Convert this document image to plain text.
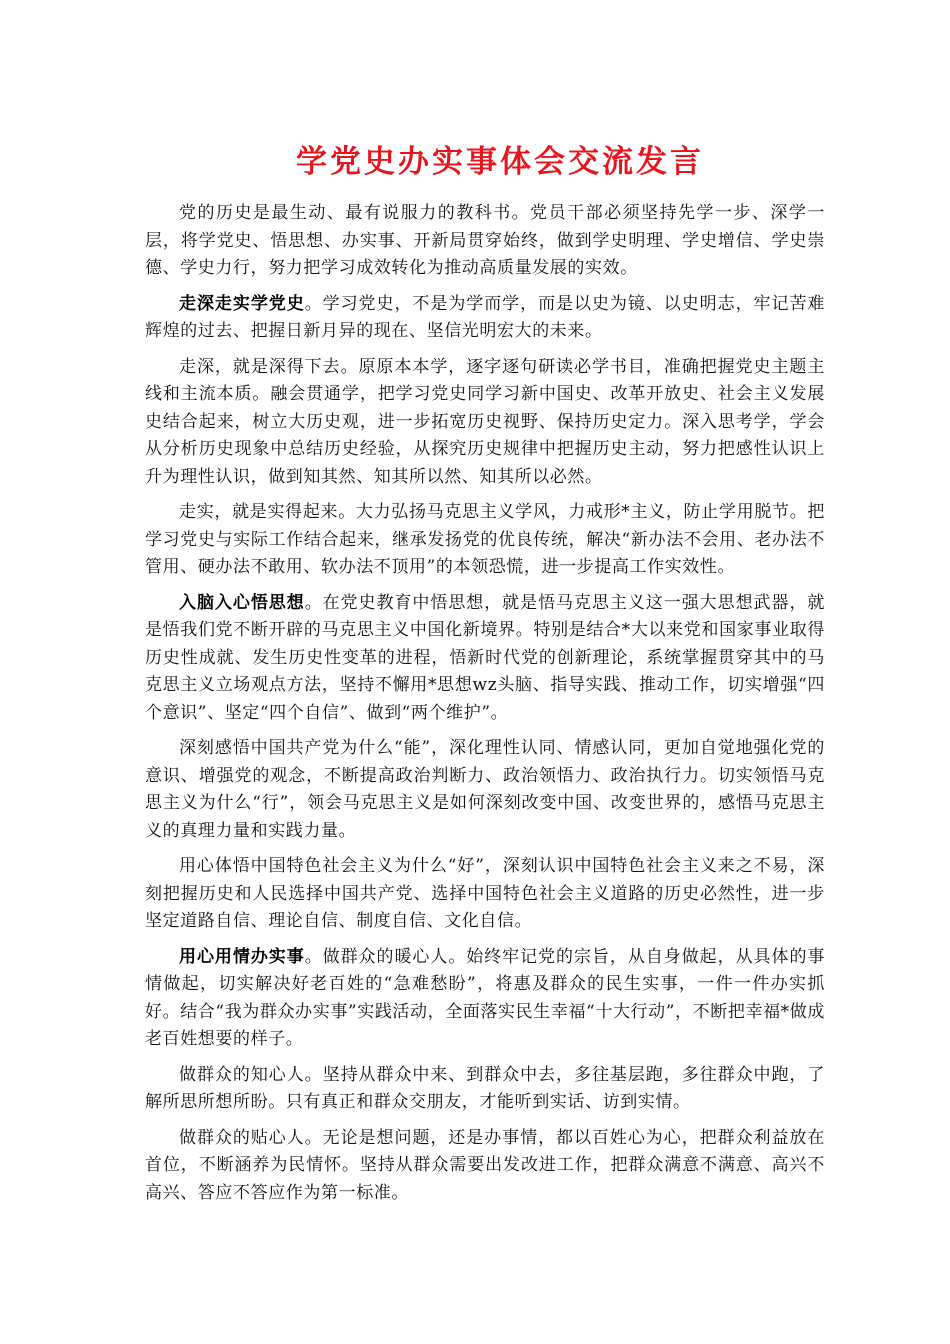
学党史办实事体会交流发言

党的历史是最生动、最有说服力的教科书。党员干部必须坚持先学一步、深学一层，将学党史、悟思想、办实事、开新局贯穿始终，做到学史明理、学史增信、学史崇德、学史力行，努力把学习成效转化为推动高质量发展的实效。

走深走实学党史。学习党史，不是为学而学，而是以史为镜、以史明志，牢记苦难辉煌的过去、把握日新月异的现在、坚信光明宏大的未来。

走深，就是深得下去。原原本本学，逐字逐句研读必学书目，准确把握党史主题主线和主流本质。融会贯通学，把学习党史同学习新中国史、改革开放史、社会主义发展史结合起来，树立大历史观，进一步拓宽历史视野、保持历史定力。深入思考学，学会从分析历史现象中总结历史经验，从探究历史规律中把握历史主动，努力把感性认识上升为理性认识，做到知其然、知其所以然、知其所以必然。

走实，就是实得起来。大力弘扬马克思主义学风，力戒形*主义，防止学用脱节。把学习党史与实际工作结合起来，继承发扬党的优良传统，解决“新办法不会用、老办法不管用、硬办法不敢用、软办法不顶用”的本领恐慌，进一步提高工作实效性。

入脑入心悟思想。在党史教育中悟思想，就是悟马克思主义这一强大思想武器，就是悟我们党不断开辟的马克思主义中国化新境界。特别是结合*大以来党和国家事业取得历史性成就、发生历史性变革的进程，悟新时代党的创新理论，系统掌握贯穿其中的马克思主义立场观点方法，坚持不懈用*思想wz头脑、指导实践、推动工作，切实增强“四个意识”、坚定“四个自信”、做到“两个维护”。

深刻感悟中国共产党为什么“能”，深化理性认同、情感认同，更加自觉地强化党的意识、增强党的观念，不断提高政治判断力、政治领悟力、政治执行力。切实领悟马克思主义为什么“行”，领会马克思主义是如何深刻改变中国、改变世界的，感悟马克思主义的真理力量和实践力量。

用心体悟中国特色社会主义为什么“好”，深刻认识中国特色社会主义来之不易，深刻把握历史和人民选择中国共产党、选择中国特色社会主义道路的历史必然性，进一步坚定道路自信、理论自信、制度自信、文化自信。

用心用情办实事。做群众的暖心人。始终牢记党的宗旨，从自身做起，从具体的事情做起，切实解决好老百姓的“急难愁盼”，将惠及群众的民生实事，一件一件办实抓好。结合“我为群众办实事”实践活动，全面落实民生幸福“十大行动”，不断把幸福*做成老百姓想要的样子。

做群众的知心人。坚持从群众中来、到群众中去，多往基层跑，多往群众中跑，了解所思所想所盼。只有真正和群众交朋友，才能听到实话、访到实情。

做群众的贴心人。无论是想问题，还是办事情，都以百姓心为心，把群众利益放在首位，不断涵养为民情怀。坚持从群众需要出发改进工作，把群众满意不满意、高兴不高兴、答应不答应作为第一标准。
